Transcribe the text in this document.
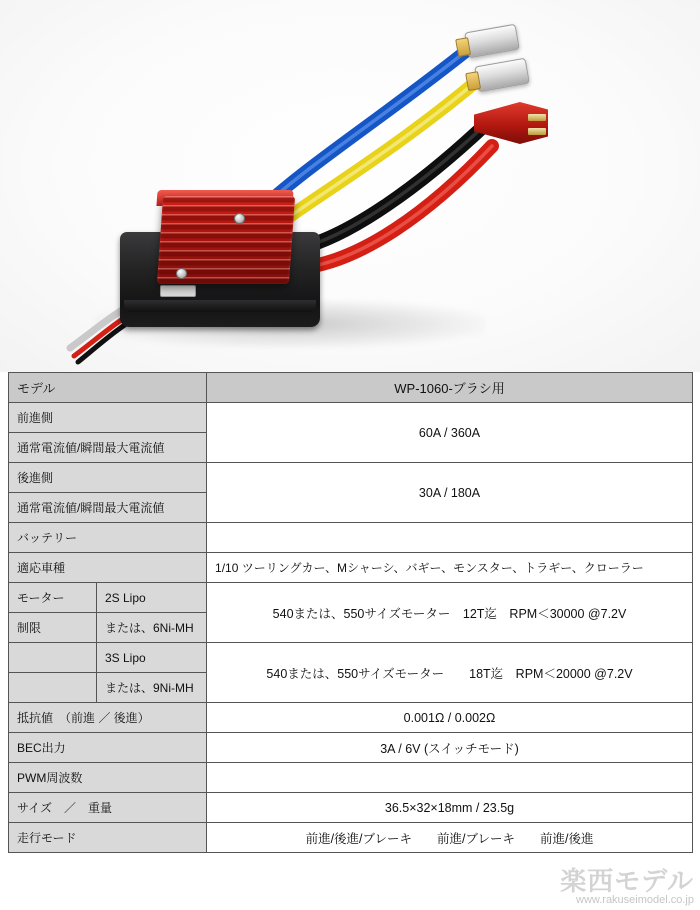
モデル		WP-1060-ブラシ用
前進側		60A / 360A
通常電流値/瞬間最大電流値		
後進側		30A / 180A
通常電流値/瞬間最大電流値		
バッテリー		
適応車種		1/10 ツーリングカー、Mシャーシ、バギー、モンスター、トラギー、クローラー
モーター	2S Lipo	540または、550サイズモーター　12T迄　RPM＜30000 @7.2V
制限	または、6Ni-MH	
	3S Lipo	540または、550サイズモーター　　18T迄　RPM＜20000 @7.2V
	または、9Ni-MH	
抵抗値　（前進 ／ 後進）		0.001Ω / 0.002Ω
BEC出力		3A / 6V (スイッチモード)
PWM周波数		
サイズ　／　重量		36.5×32×18mm / 23.5g
走行モード		前進/後進/ブレーキ　　前進/ブレーキ　　前進/後進
楽西モデル
www.rakuseimodel.co.jp
